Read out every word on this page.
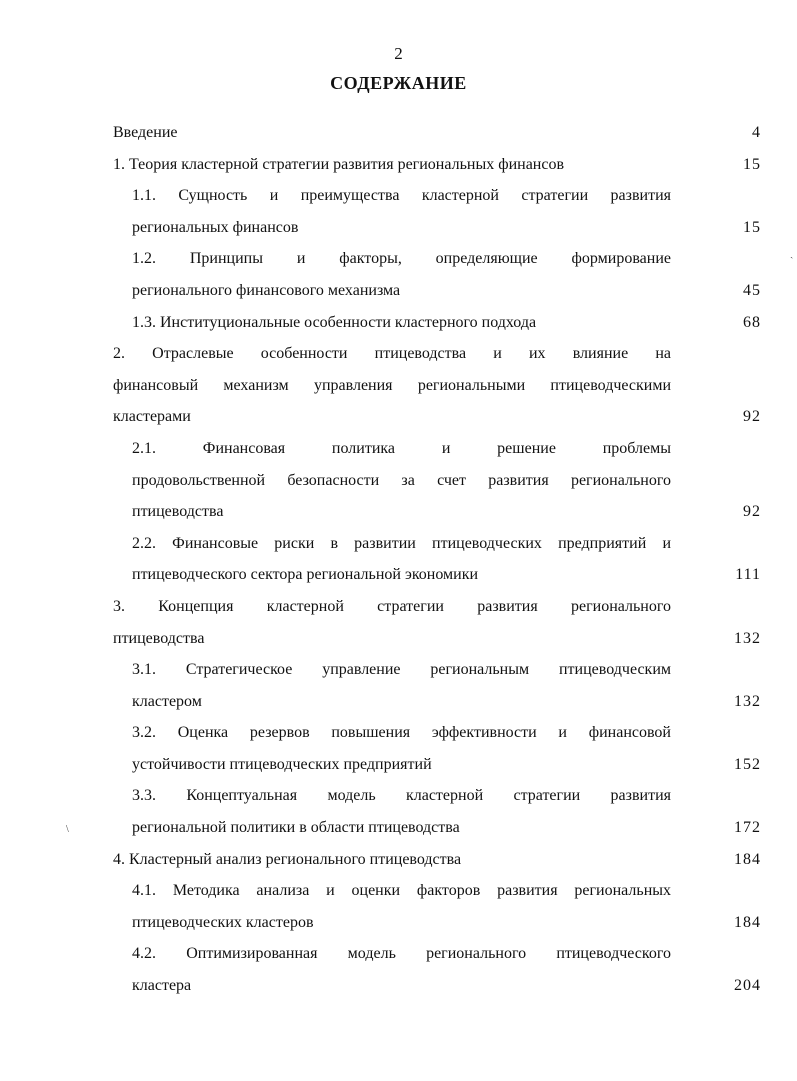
2
СОДЕРЖАНИЕ
Введение	4
1. Теория кластерной стратегии развития региональных финансов	15
1.1. Сущность и преимущества кластерной стратегии развития
региональных финансов	15
1.2. Принципы и факторы, определяющие формирование
регионального финансового механизма	45
1.3. Институциональные особенности кластерного подхода	68
2. Отраслевые особенности птицеводства и их влияние на
финансовый механизм управления региональными птицеводческими
кластерами	92
2.1. Финансовая политика и решение проблемы
продовольственной безопасности за счет развития регионального
птицеводства	92
2.2. Финансовые риски в развитии птицеводческих предприятий и
птицеводческого сектора региональной экономики	111
3. Концепция кластерной стратегии развития регионального
птицеводства	132
3.1. Стратегическое управление региональным птицеводческим
кластером	132
3.2. Оценка резервов повышения эффективности и финансовой
устойчивости птицеводческих предприятий	152
3.3. Концептуальная модель кластерной стратегии развития
региональной политики в области птицеводства	172
4. Кластерный анализ регионального птицеводства	184
4.1. Методика анализа и оценки факторов развития региональных
птицеводческих кластеров	184
4.2. Оптимизированная модель регионального птицеводческого
кластера	204
ˎ
\
